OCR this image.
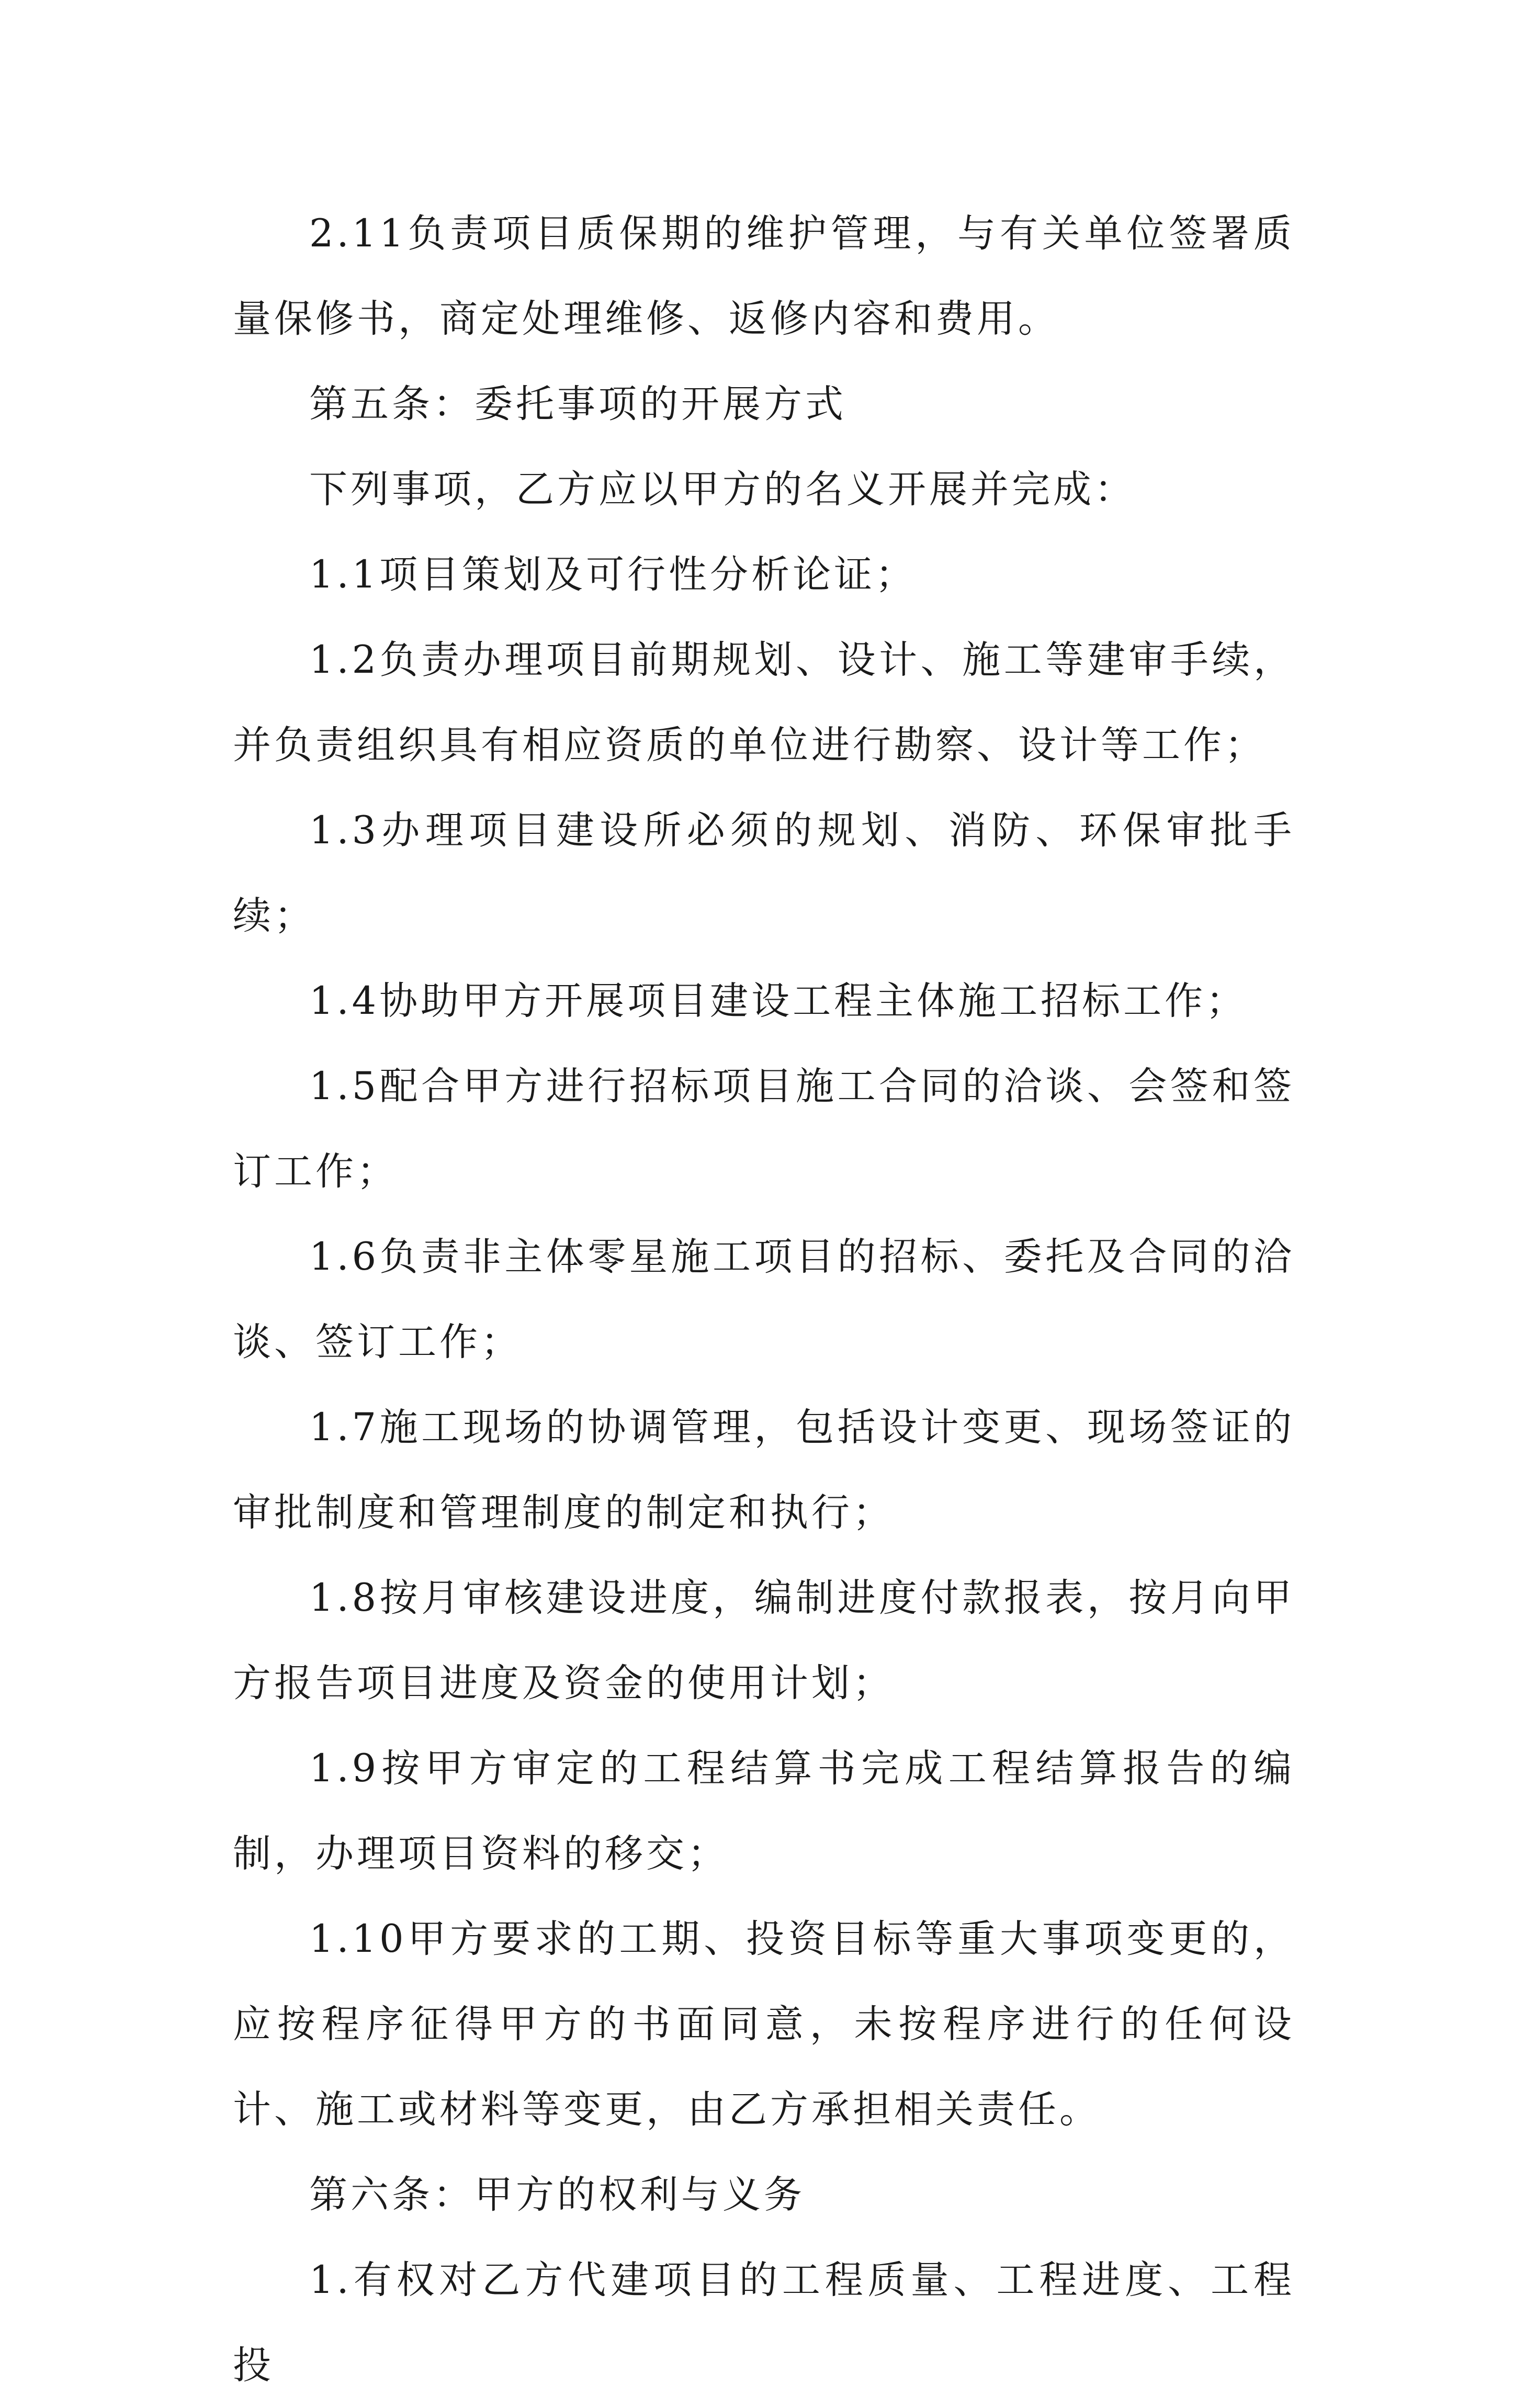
2.11负责项目质保期的维护管理，与有关单位签署质量保修书，商定处理维修、返修内容和费用。

第五条：委托事项的开展方式

下列事项，乙方应以甲方的名义开展并完成：

1.1项目策划及可行性分析论证；

1.2负责办理项目前期规划、设计、施工等建审手续，并负责组织具有相应资质的单位进行勘察、设计等工作；

1.3办理项目建设所必须的规划、消防、环保审批手续；

1.4协助甲方开展项目建设工程主体施工招标工作；

1.5配合甲方进行招标项目施工合同的洽谈、会签和签订工作；

1.6负责非主体零星施工项目的招标、委托及合同的洽谈、签订工作；

1.7施工现场的协调管理，包括设计变更、现场签证的审批制度和管理制度的制定和执行；

1.8按月审核建设进度，编制进度付款报表，按月向甲方报告项目进度及资金的使用计划；

1.9按甲方审定的工程结算书完成工程结算报告的编制，办理项目资料的移交；

1.10甲方要求的工期、投资目标等重大事项变更的，应按程序征得甲方的书面同意，未按程序进行的任何设计、施工或材料等变更，由乙方承担相关责任。

第六条：甲方的权利与义务

1.有权对乙方代建项目的工程质量、工程进度、工程投
